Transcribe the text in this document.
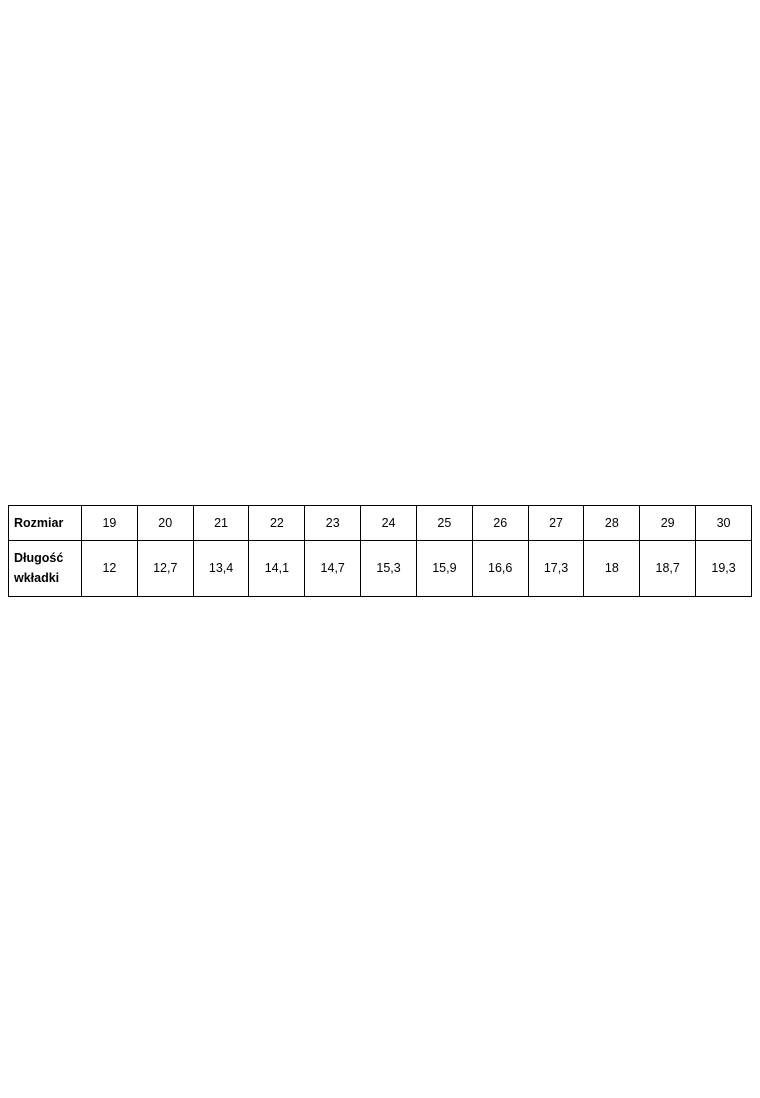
Rozmiar	19	20	21	22	23	24	25	26	27	28	29	30

Długość
wkładki	12	12,7	13,4	14,1	14,7	15,3	15,9	16,6	17,3	18	18,7	19,3
